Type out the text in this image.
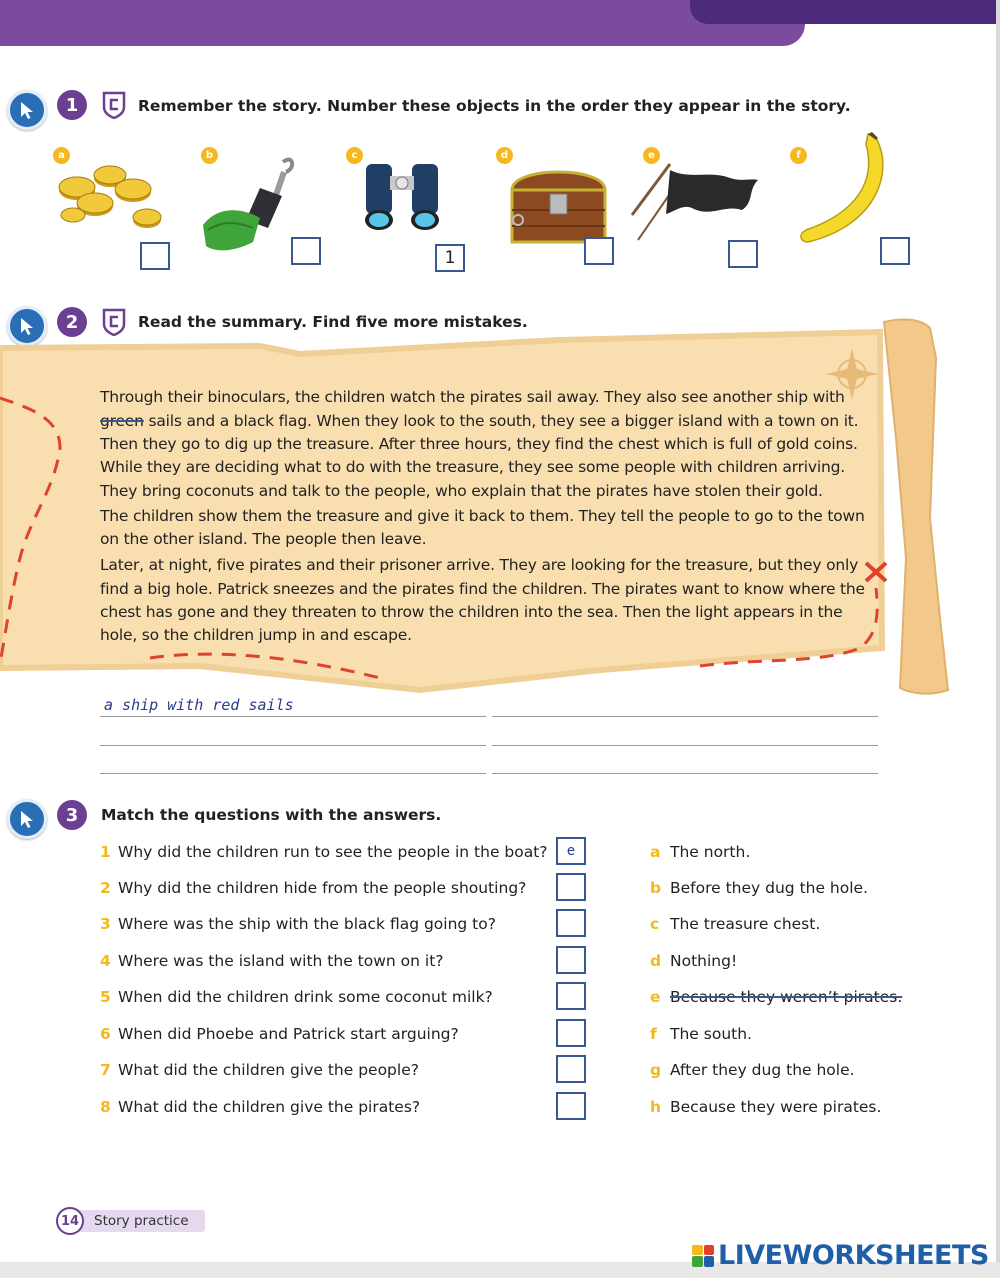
1	Remember the story. Number these objects in the order they appear in the story.
a	b	c
1
d	e	f
2	Read the summary. Find five more mistakes.
Through their binoculars, the children watch the pirates sail away. They also see another ship with
green sails and a black flag. When they look to the south, they see a bigger island with a town on it.
Then they go to dig up the treasure. After three hours, they find the chest which is full of gold coins.
While they are deciding what to do with the treasure, they see some people with children arriving.
They bring coconuts and talk to the people, who explain that the pirates have stolen their gold.
The children show them the treasure and give it back to them. They tell the people to go to the town
on the other island. The people then leave.
Later, at night, five pirates and their prisoner arrive. They are looking for the treasure, but they only
find a big hole. Patrick sneezes and the pirates find the children. The pirates want to know where the
chest has gone and they threaten to throw the children into the sea. Then the light appears in the
hole, so the children jump in and escape.
a ship with red sails
3	Match the questions with the answers.
1 Why did the children run to see the people in the boat?	e
2 Why did the children hide from the people shouting?
3 Where was the ship with the black flag going to?
4 Where was the island with the town on it?
5 When did the children drink some coconut milk?
6 When did Phoebe and Patrick start arguing?
7 What did the children give the people?
8 What did the children give the pirates?
a The north.
b Before they dug the hole.
c The treasure chest.
d Nothing!
e Because they weren’t pirates.
f The south.
g After they dug the hole.
h Because they were pirates.
14	Story practice
LIVEWORKSHEETS
